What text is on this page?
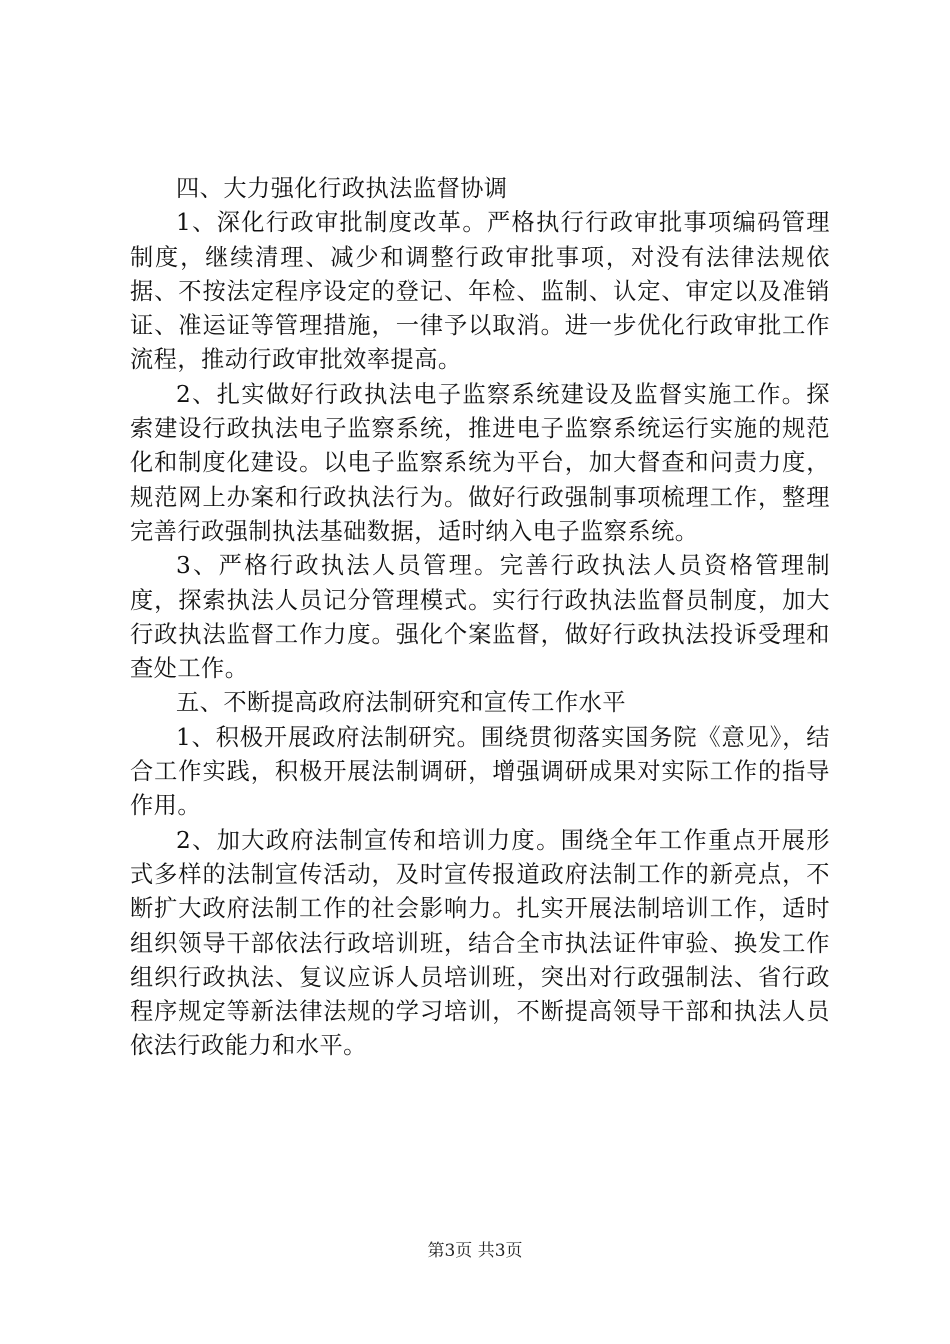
四、大力强化行政执法监督协调

1、深化行政审批制度改革。严格执行行政审批事项编码管理制度，继续清理、减少和调整行政审批事项，对没有法律法规依据、不按法定程序设定的登记、年检、监制、认定、审定以及准销证、准运证等管理措施，一律予以取消。进一步优化行政审批工作流程，推动行政审批效率提高。

2、扎实做好行政执法电子监察系统建设及监督实施工作。探索建设行政执法电子监察系统，推进电子监察系统运行实施的规范化和制度化建设。以电子监察系统为平台，加大督查和问责力度，规范网上办案和行政执法行为。做好行政强制事项梳理工作，整理完善行政强制执法基础数据，适时纳入电子监察系统。

3、严格行政执法人员管理。完善行政执法人员资格管理制度，探索执法人员记分管理模式。实行行政执法监督员制度，加大行政执法监督工作力度。强化个案监督，做好行政执法投诉受理和查处工作。

五、不断提高政府法制研究和宣传工作水平

1、积极开展政府法制研究。围绕贯彻落实国务院《意见》，结合工作实践，积极开展法制调研，增强调研成果对实际工作的指导作用。

2、加大政府法制宣传和培训力度。围绕全年工作重点开展形式多样的法制宣传活动，及时宣传报道政府法制工作的新亮点，不断扩大政府法制工作的社会影响力。扎实开展法制培训工作，适时组织领导干部依法行政培训班，结合全市执法证件审验、换发工作组织行政执法、复议应诉人员培训班，突出对行政强制法、省行政程序规定等新法律法规的学习培训，不断提高领导干部和执法人员依法行政能力和水平。

第3页 共3页
